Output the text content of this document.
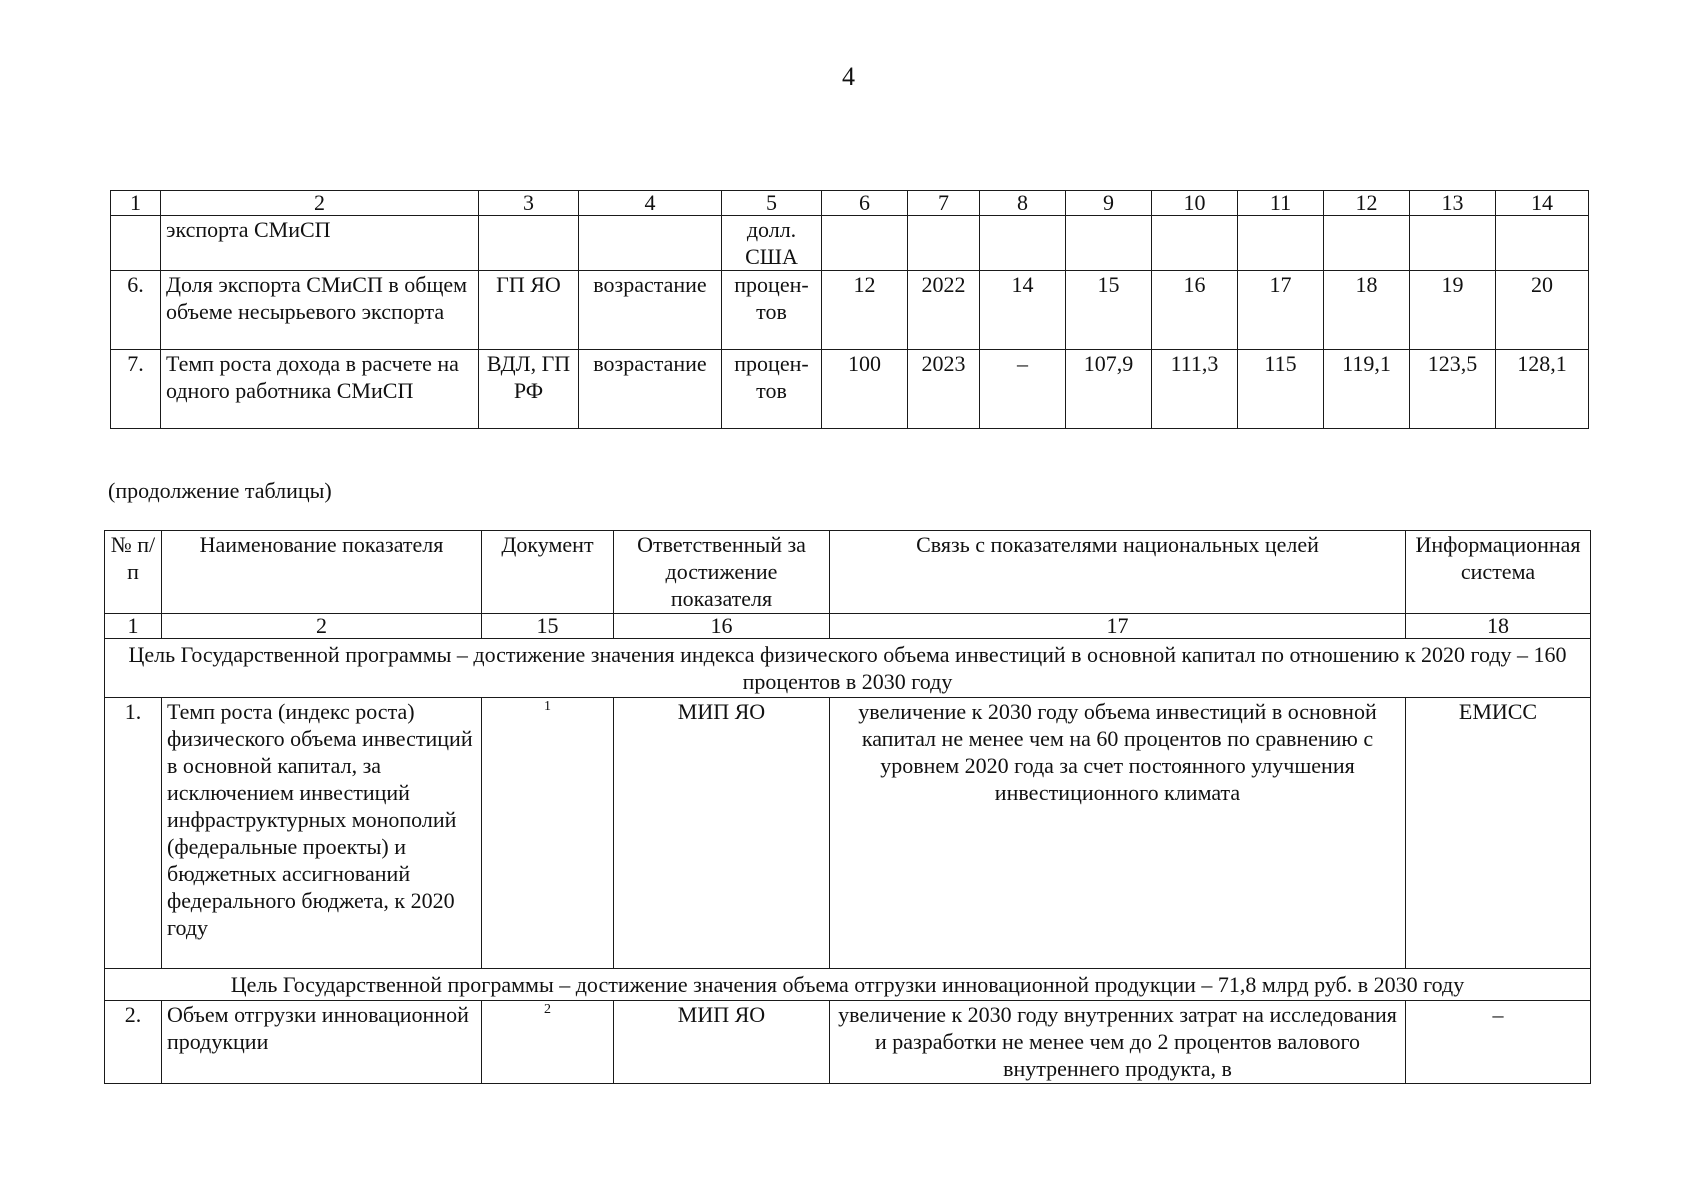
4
1	2	3	4	5	6	7	8	9	10	11	12	13	14
	экспорта СМиСП			долл. США									
6.	Доля экспорта СМиСП в общем объеме несырьевого экспорта	ГП ЯО	возрастание	процен-тов	12	2022	14	15	16	17	18	19	20
7.	Темп роста дохода в расчете на одного работника СМиСП	ВДЛ, ГП РФ	возрастание	процен-тов	100	2023	–	107,9	111,3	115	119,1	123,5	128,1
(продолжение таблицы)
№ п/п	Наименование показателя	Документ	Ответственный за достижение показателя	Связь с показателями национальных целей	Информационная система
1	2	15	16	17	18
Цель Государственной программы – достижение значения индекса физического объема инвестиций в основной капитал по отношению к 2020 году – 160 процентов в 2030 году					
1.	Темп роста (индекс роста) физического объема инвестиций в основной капитал, за исключением инвестиций инфраструктурных монополий (федеральные проекты) и бюджетных ассигнований федерального бюджета, к 2020 году	1	МИП ЯО	увеличение к 2030 году объема инвестиций в основной капитал не менее чем на 60 процентов по сравнению с уровнем 2020 года за счет постоянного улучшения инвестиционного климата	ЕМИСС
Цель Государственной программы – достижение значения объема отгрузки инновационной продукции – 71,8 млрд руб. в 2030 году					
2.	Объем отгрузки инновационной продукции	2	МИП ЯО	увеличение к 2030 году внутренних затрат на исследования и разработки не менее чем до 2 процентов валового внутреннего продукта, в	–
